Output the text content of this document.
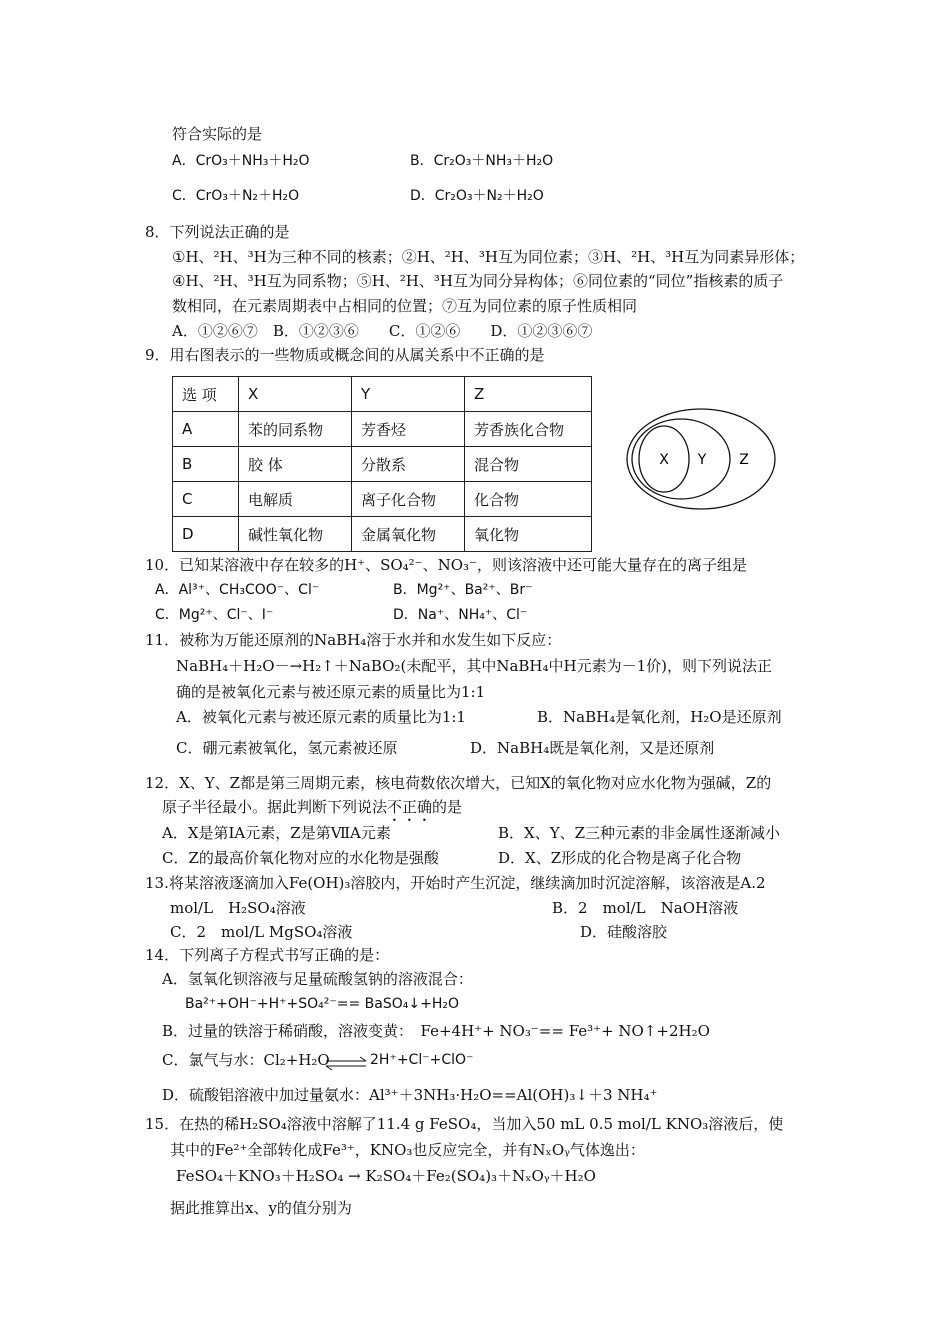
符合实际的是
A．CrO₃＋NH₃＋H₂O	B．Cr₂O₃＋NH₃＋H₂O
C．CrO₃＋N₂＋H₂O	D．Cr₂O₃＋N₂＋H₂O
8．下列说法正确的是
①H、²H、³H为三种不同的核素；②H、²H、³H互为同位素；③H、²H、³H互为同素异形体；
④H、²H、³H互为同系物；⑤H、²H、³H互为同分异构体；⑥同位素的“同位”指核素的质子
数相同，在元素周期表中占相同的位置；⑦互为同位素的原子性质相同
A．①②⑥⑦　B．①②③⑥　　C．①②⑥　　D．①②③⑥⑦
9．用右图表示的一些物质或概念间的从属关系中不正确的是
选 项	X	Y	Z
A	苯的同系物	芳香烃	芳香族化合物
B	胶 体	分散系	混合物
C	电解质	离子化合物	化合物
D	碱性氧化物	金属氧化物	氧化物
X Y Z
10．已知某溶液中存在较多的H⁺、SO₄²⁻、NO₃⁻，则该溶液中还可能大量存在的离子组是
A．Al³⁺、CH₃COO⁻、Cl⁻	B．Mg²⁺、Ba²⁺、Br⁻
C．Mg²⁺、Cl⁻、I⁻	D．Na⁺、NH₄⁺、Cl⁻
11．被称为万能还原剂的NaBH₄溶于水并和水发生如下反应：
NaBH₄＋H₂O－→H₂↑＋NaBO₂(未配平，其中NaBH₄中H元素为－1价)，则下列说法正
确的是被氧化元素与被还原元素的质量比为1:1
A．被氧化元素与被还原元素的质量比为1:1	B．NaBH₄是氧化剂，H₂O是还原剂
C．硼元素被氧化，氢元素被还原	D．NaBH₄既是氧化剂，又是还原剂
12．X、Y、Z都是第三周期元素，核电荷数依次增大，已知X的氧化物对应水化物为强碱，Z的
原子半径最小。据此判断下列说法不正确的是
A．X是第ⅠA元素，Z是第ⅦA元素	B．X、Y、Z三种元素的非金属性逐渐减小
C．Z的最高价氧化物对应的水化物是强酸	D．X、Z形成的化合物是离子化合物
13.将某溶液逐滴加入Fe(OH)₃溶胶内，开始时产生沉淀，继续滴加时沉淀溶解，该溶液是A.2
mol/L　H₂SO₄溶液	B．2　mol/L　NaOH溶液
C．2　mol/L MgSO₄溶液	D．硅酸溶胶
14．下列离子方程式书写正确的是：
A．氢氧化钡溶液与足量硫酸氢钠的溶液混合：
Ba²⁺+OH⁻+H⁺+SO₄²⁻== BaSO₄↓+H₂O
B．过量的铁溶于稀硝酸，溶液变黄：　Fe+4H⁺+ NO₃⁻== Fe³⁺+ NO↑+2H₂O
C．氯气与水：Cl₂+H₂O ⇌ 2H⁺+Cl⁻+ClO⁻
D．硫酸铝溶液中加过量氨水：Al³⁺＋3NH₃·H₂O==Al(OH)₃↓＋3 NH₄⁺
15．在热的稀H₂SO₄溶液中溶解了11.4 g FeSO₄，当加入50 mL 0.5 mol/L KNO₃溶液后，使
其中的Fe²⁺全部转化成Fe³⁺，KNO₃也反应完全，并有NₓOᵧ气体逸出：
FeSO₄＋KNO₃＋H₂SO₄ → K₂SO₄＋Fe₂(SO₄)₃＋NₓOᵧ＋H₂O
据此推算出x、y的值分别为
